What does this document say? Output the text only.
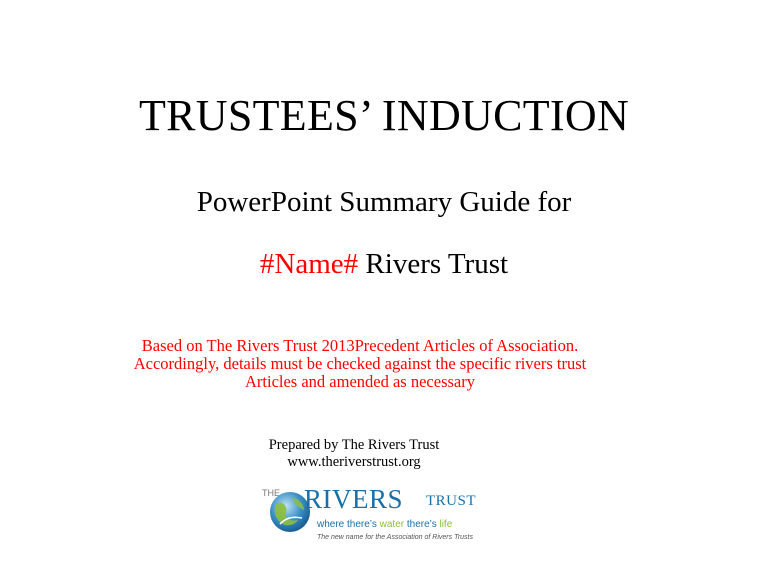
TRUSTEES’ INDUCTION
PowerPoint Summary Guide for
#Name# Rivers Trust
Based on The Rivers Trust 2013Precedent Articles of Association.
Accordingly, details must be checked against the specific rivers trust
Articles and amended as necessary
Prepared by The Rivers Trust
www.theriverstrust.org
THE RIVERS TRUST
where there’s water there’s life
The new name for the Association of Rivers Trusts
